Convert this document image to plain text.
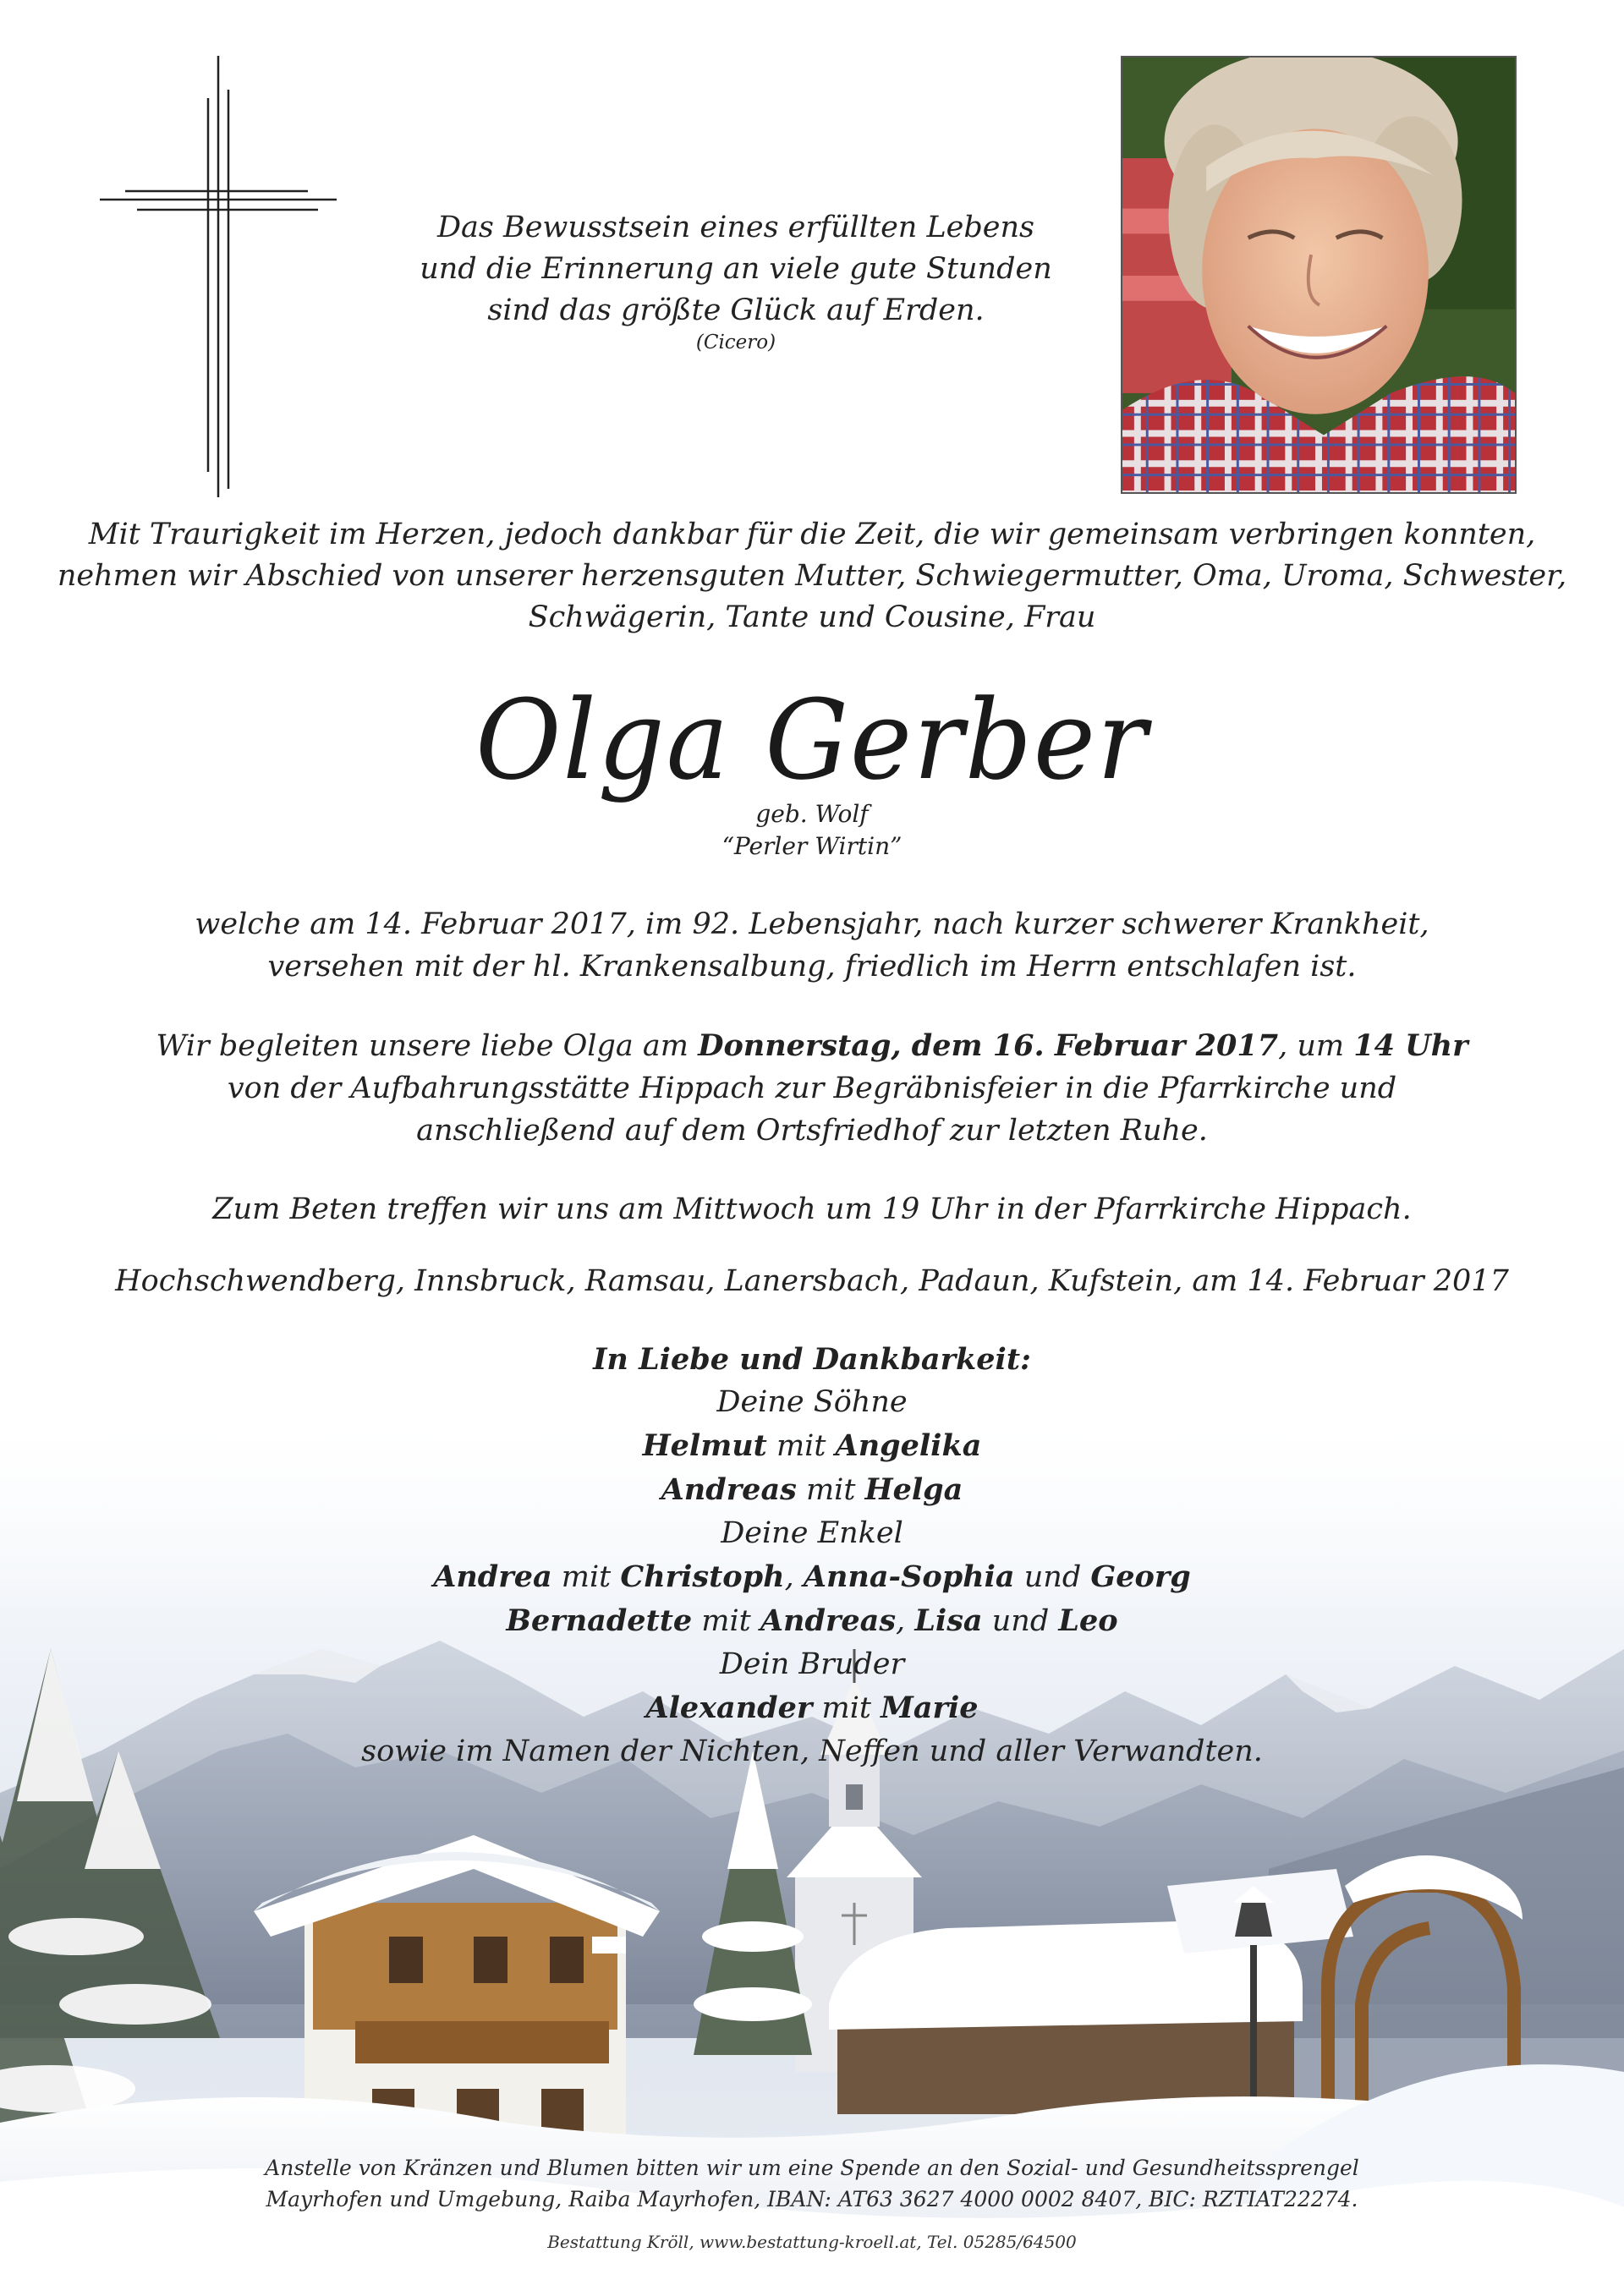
Das Bewusstsein eines erfüllten Lebens
und die Erinnerung an viele gute Stunden
sind das größte Glück auf Erden.
(Cicero)
Mit Traurigkeit im Herzen, jedoch dankbar für die Zeit, die wir gemeinsam verbringen konnten,
nehmen wir Abschied von unserer herzensguten Mutter, Schwiegermutter, Oma, Uroma, Schwester,
Schwägerin, Tante und Cousine, Frau
Olga Gerber
geb. Wolf
“Perler Wirtin”
welche am 14. Februar 2017, im 92. Lebensjahr, nach kurzer schwerer Krankheit,
versehen mit der hl. Krankensalbung, friedlich im Herrn entschlafen ist.
Wir begleiten unsere liebe Olga am Donnerstag, dem 16. Februar 2017, um 14 Uhr
von der Aufbahrungsstätte Hippach zur Begräbnisfeier in die Pfarrkirche und
anschließend auf dem Ortsfriedhof zur letzten Ruhe.
Zum Beten treffen wir uns am Mittwoch um 19 Uhr in der Pfarrkirche Hippach.
Hochschwendberg, Innsbruck, Ramsau, Lanersbach, Padaun, Kufstein, am 14. Februar 2017
In Liebe und Dankbarkeit:
Deine Söhne
Helmut mit Angelika
Andreas mit Helga
Deine Enkel
Andrea mit Christoph, Anna-Sophia und Georg
Bernadette mit Andreas, Lisa und Leo
Dein Bruder
Alexander mit Marie
sowie im Namen der Nichten, Neffen und aller Verwandten.
Anstelle von Kränzen und Blumen bitten wir um eine Spende an den Sozial- und Gesundheitssprengel
Mayrhofen und Umgebung, Raiba Mayrhofen, IBAN: AT63 3627 4000 0002 8407, BIC: RZTIAT22274.
Bestattung Kröll, www.bestattung-kroell.at, Tel. 05285/64500
